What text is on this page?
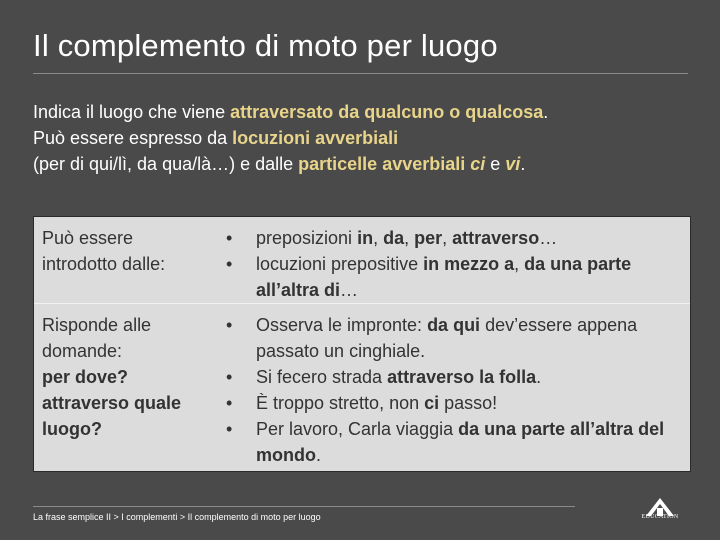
Il complemento di moto per luogo
Indica il luogo che viene attraversato da qualcuno o qualcosa.
Può essere espresso da locuzioni avverbiali
(per di qui/lì, da qua/là…) e dalle particelle avverbiali ci e vi.
Può essere
introdotto dalle:
• preposizioni in, da, per, attraverso…
• locuzioni prepositive in mezzo a, da una parte all’altra di…
Risponde alle
domande:
per dove?
attraverso quale
luogo?
• Osserva le impronte: da qui dev’essere appena passato un cinghiale.
• Si fecero strada attraverso la folla.
• È troppo stretto, non ci passo!
• Per lavoro, Carla viaggia da una parte all’altra del mondo.
La frase semplice II > I complementi > Il complemento di moto per luogo	EDUCATION
